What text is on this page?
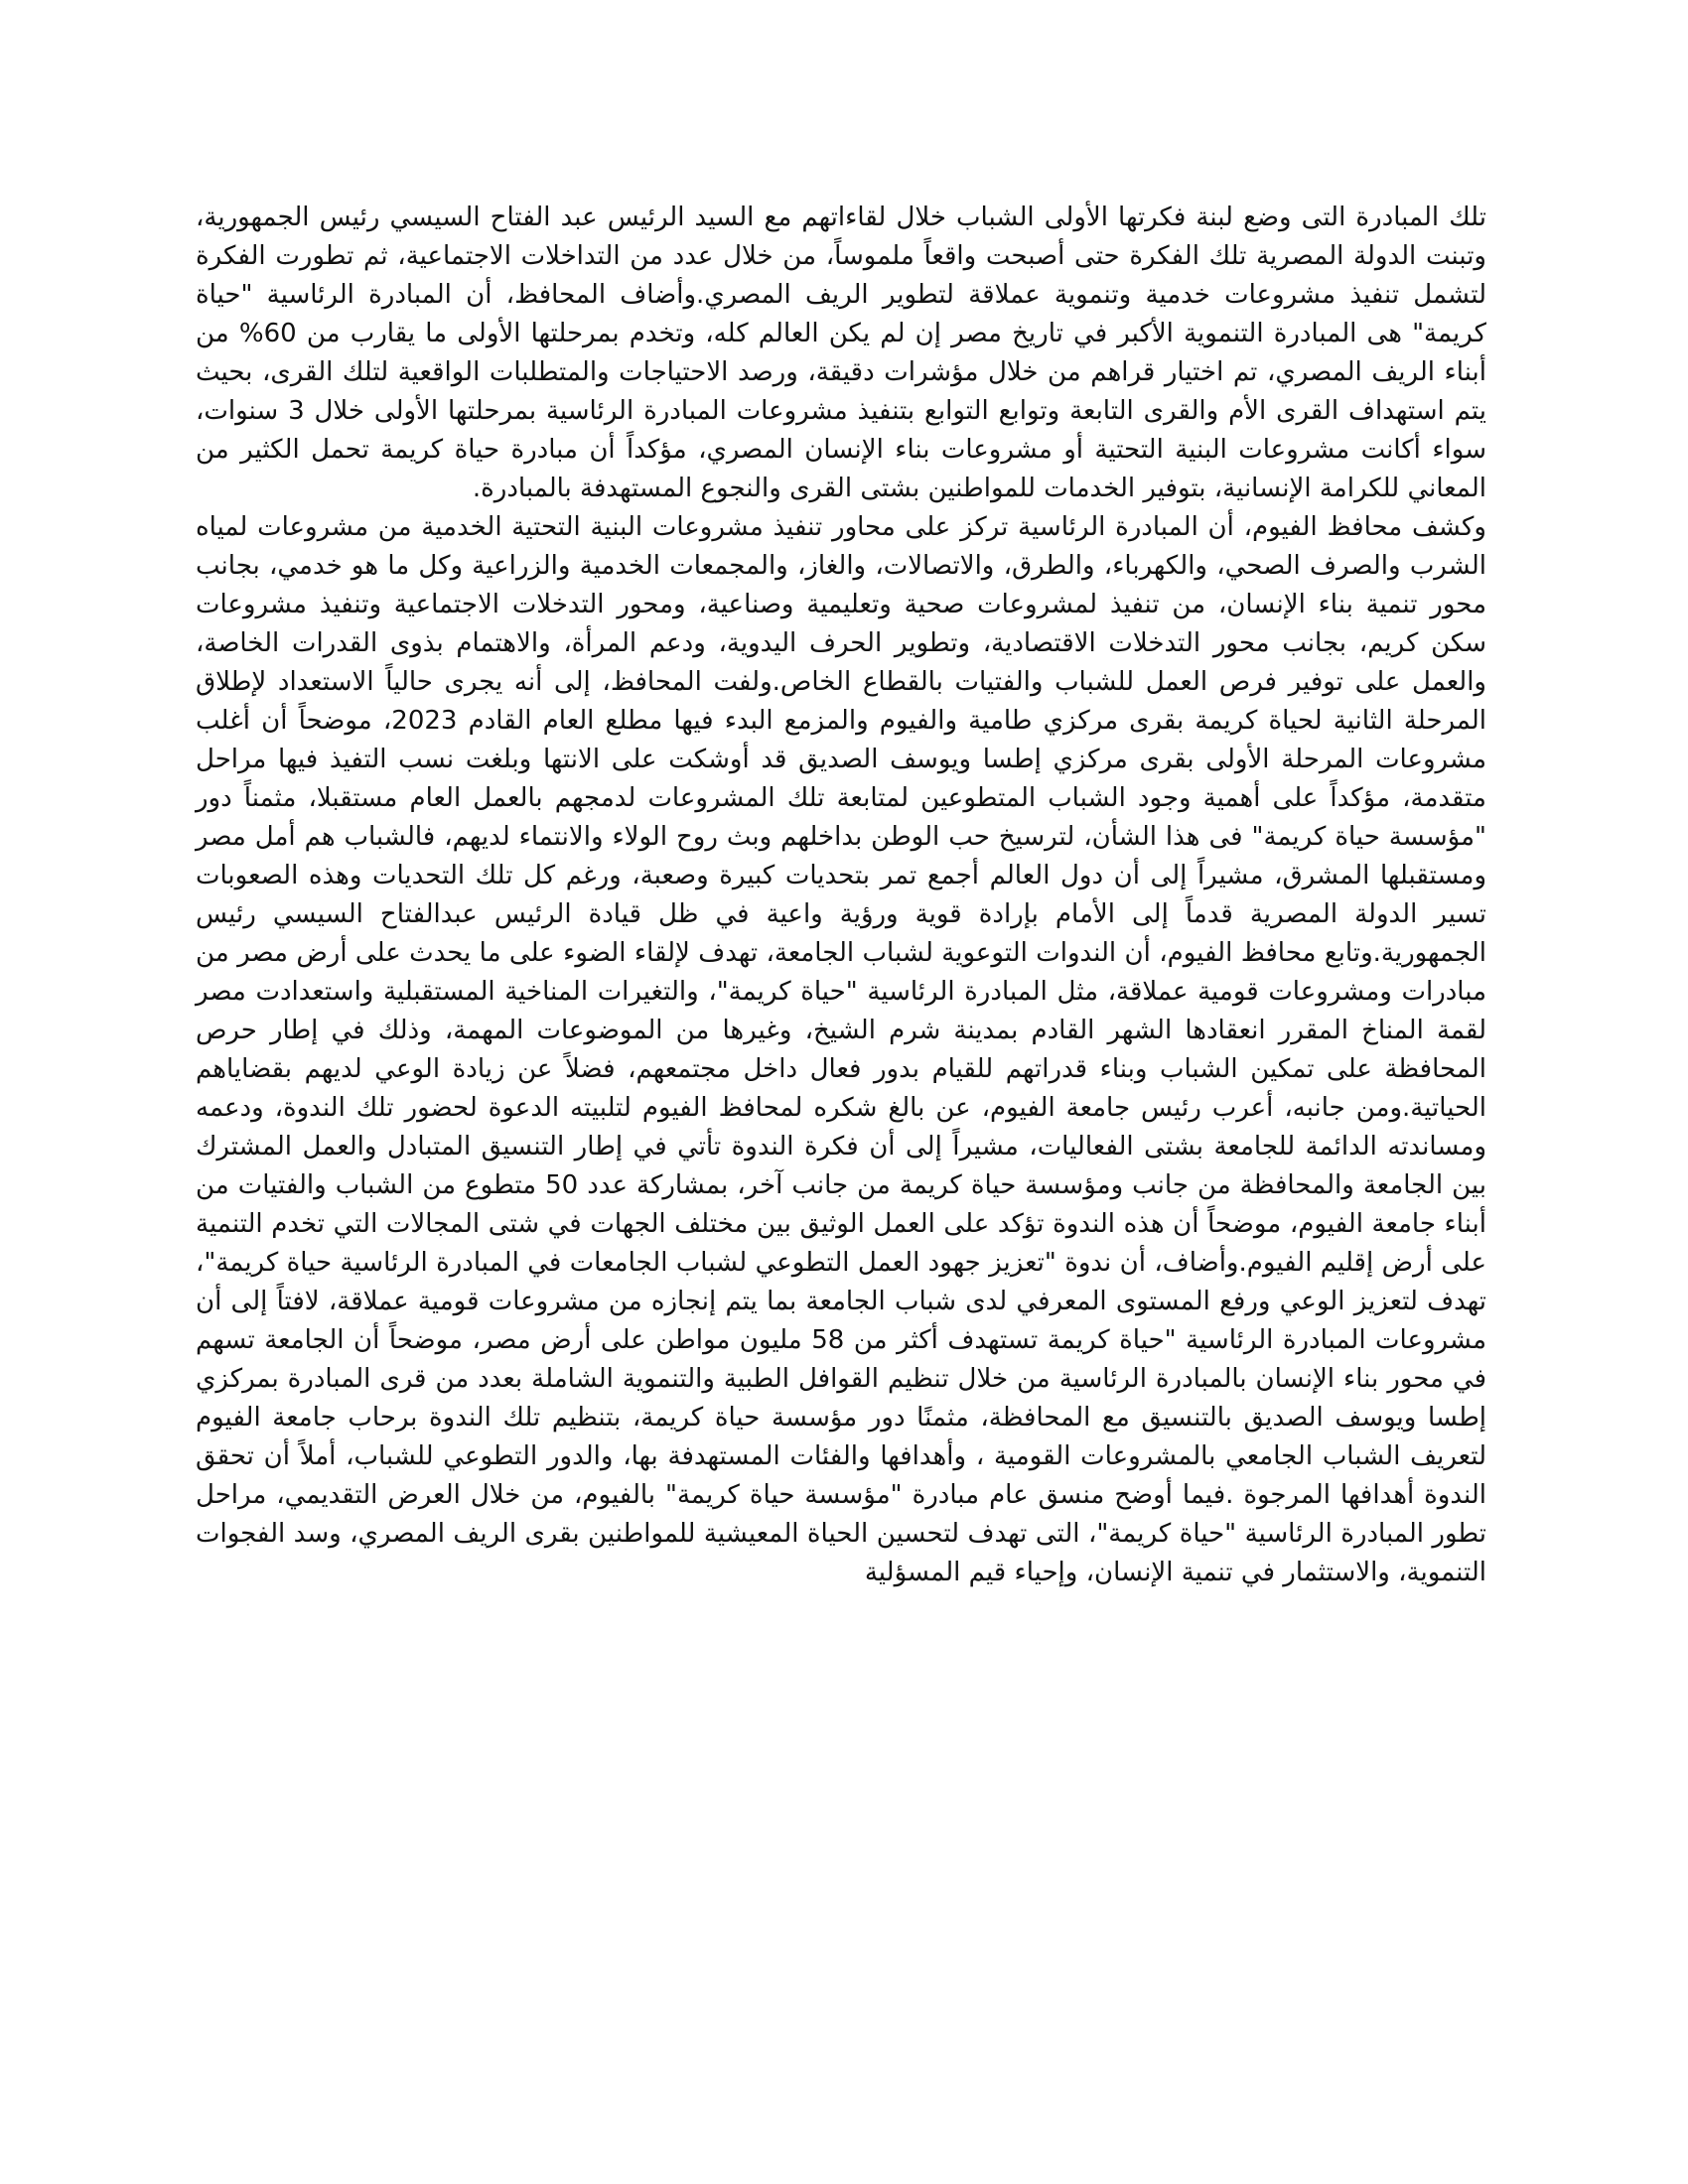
تلك المبادرة التى وضع لبنة فكرتها الأولى الشباب خلال لقاءاتهم مع السيد الرئيس عبد الفتاح السيسي رئيس الجمهورية، وتبنت الدولة المصرية تلك الفكرة حتى أصبحت واقعاً ملموساً، من خلال عدد من التداخلات الاجتماعية، ثم تطورت الفكرة لتشمل تنفيذ مشروعات خدمية وتنموية عملاقة لتطوير الريف المصري.وأضاف المحافظ، أن المبادرة الرئاسية "حياة كريمة" هى المبادرة التنموية الأكبر في تاريخ مصر إن لم يكن العالم كله، وتخدم بمرحلتها الأولى ما يقارب من 60% من أبناء الريف المصري، تم اختيار قراهم من خلال مؤشرات دقيقة، ورصد الاحتياجات والمتطلبات الواقعية لتلك القرى، بحيث يتم استهداف القرى الأم والقرى التابعة وتوابع التوابع بتنفيذ مشروعات المبادرة الرئاسية بمرحلتها الأولى خلال 3 سنوات، سواء أكانت مشروعات البنية التحتية أو مشروعات بناء الإنسان المصري، مؤكداً أن مبادرة حياة كريمة تحمل الكثير من المعاني للكرامة الإنسانية، بتوفير الخدمات للمواطنين بشتى القرى والنجوع المستهدفة بالمبادرة.

وكشف محافظ الفيوم، أن المبادرة الرئاسية تركز على محاور تنفيذ مشروعات البنية التحتية الخدمية من مشروعات لمياه الشرب والصرف الصحي، والكهرباء، والطرق، والاتصالات، والغاز، والمجمعات الخدمية والزراعية وكل ما هو خدمي، بجانب محور تنمية بناء الإنسان، من تنفيذ لمشروعات صحية وتعليمية وصناعية، ومحور التدخلات الاجتماعية وتنفيذ مشروعات سكن كريم، بجانب محور التدخلات الاقتصادية، وتطوير الحرف اليدوية، ودعم المرأة، والاهتمام بذوى القدرات الخاصة، والعمل على توفير فرص العمل للشباب والفتيات بالقطاع الخاص.ولفت المحافظ، إلى أنه يجرى حالياً الاستعداد لإطلاق المرحلة الثانية لحياة كريمة بقرى مركزي طامية والفيوم والمزمع البدء فيها مطلع العام القادم 2023، موضحاً أن أغلب مشروعات المرحلة الأولى بقرى مركزي إطسا ويوسف الصديق قد أوشكت على الانتها وبلغت نسب التفيذ فيها مراحل متقدمة، مؤكداً على أهمية وجود الشباب المتطوعين لمتابعة تلك المشروعات لدمجهم بالعمل العام مستقبلا، مثمناً دور "مؤسسة حياة كريمة" فى هذا الشأن، لترسيخ حب الوطن بداخلهم وبث روح الولاء والانتماء لديهم، فالشباب هم أمل مصر ومستقبلها المشرق، مشيراً إلى أن دول العالم أجمع تمر بتحديات كبيرة وصعبة، ورغم كل تلك التحديات وهذه الصعوبات تسير الدولة المصرية قدماً إلى الأمام بإرادة قوية ورؤية واعية في ظل قيادة الرئيس عبدالفتاح السيسي رئيس الجمهورية.وتابع محافظ الفيوم، أن الندوات التوعوية لشباب الجامعة، تهدف لإلقاء الضوء على ما يحدث على أرض مصر من مبادرات ومشروعات قومية عملاقة، مثل المبادرة الرئاسية "حياة كريمة"، والتغيرات المناخية المستقبلية واستعدادت مصر لقمة المناخ المقرر انعقادها الشهر القادم بمدينة شرم الشيخ، وغيرها من الموضوعات المهمة، وذلك في إطار حرص المحافظة على تمكين الشباب وبناء قدراتهم للقيام بدور فعال داخل مجتمعهم، فضلاً عن زيادة الوعي لديهم بقضاياهم الحياتية.ومن جانبه، أعرب رئيس جامعة الفيوم، عن بالغ شكره لمحافظ الفيوم لتلبيته الدعوة لحضور تلك الندوة، ودعمه ومساندته الدائمة للجامعة بشتى الفعاليات، مشيراً إلى أن فكرة الندوة تأتي في إطار التنسيق المتبادل والعمل المشترك بين الجامعة والمحافظة من جانب ومؤسسة حياة كريمة من جانب آخر، بمشاركة عدد 50 متطوع من الشباب والفتيات من أبناء جامعة الفيوم، موضحاً أن هذه الندوة تؤكد على العمل الوثيق بين مختلف الجهات في شتى المجالات التي تخدم التنمية على أرض إقليم الفيوم.وأضاف، أن ندوة "تعزيز جهود العمل التطوعي لشباب الجامعات في المبادرة الرئاسية حياة كريمة"، تهدف لتعزيز الوعي ورفع المستوى المعرفي لدى شباب الجامعة بما يتم إنجازه من مشروعات قومية عملاقة، لافتاً إلى أن مشروعات المبادرة الرئاسية "حياة كريمة تستهدف أكثر من 58 مليون مواطن على أرض مصر، موضحاً أن الجامعة تسهم في محور بناء الإنسان بالمبادرة الرئاسية من خلال تنظيم القوافل الطبية والتنموية الشاملة بعدد من قرى المبادرة بمركزي إطسا ويوسف الصديق بالتنسيق مع المحافظة، مثمنًا دور مؤسسة حياة كريمة، بتنظيم تلك الندوة برحاب جامعة الفيوم لتعريف الشباب الجامعي بالمشروعات القومية ، وأهدافها والفئات المستهدفة بها، والدور التطوعي للشباب، أملاً أن تحقق الندوة أهدافها المرجوة .فيما أوضح منسق عام مبادرة "مؤسسة حياة كريمة" بالفيوم، من خلال العرض التقديمي، مراحل تطور المبادرة الرئاسية "حياة كريمة"، التى تهدف لتحسين الحياة المعيشية للمواطنين بقرى الريف المصري، وسد الفجوات التنموية، والاستثمار في تنمية الإنسان، وإحياء قيم المسؤلية
